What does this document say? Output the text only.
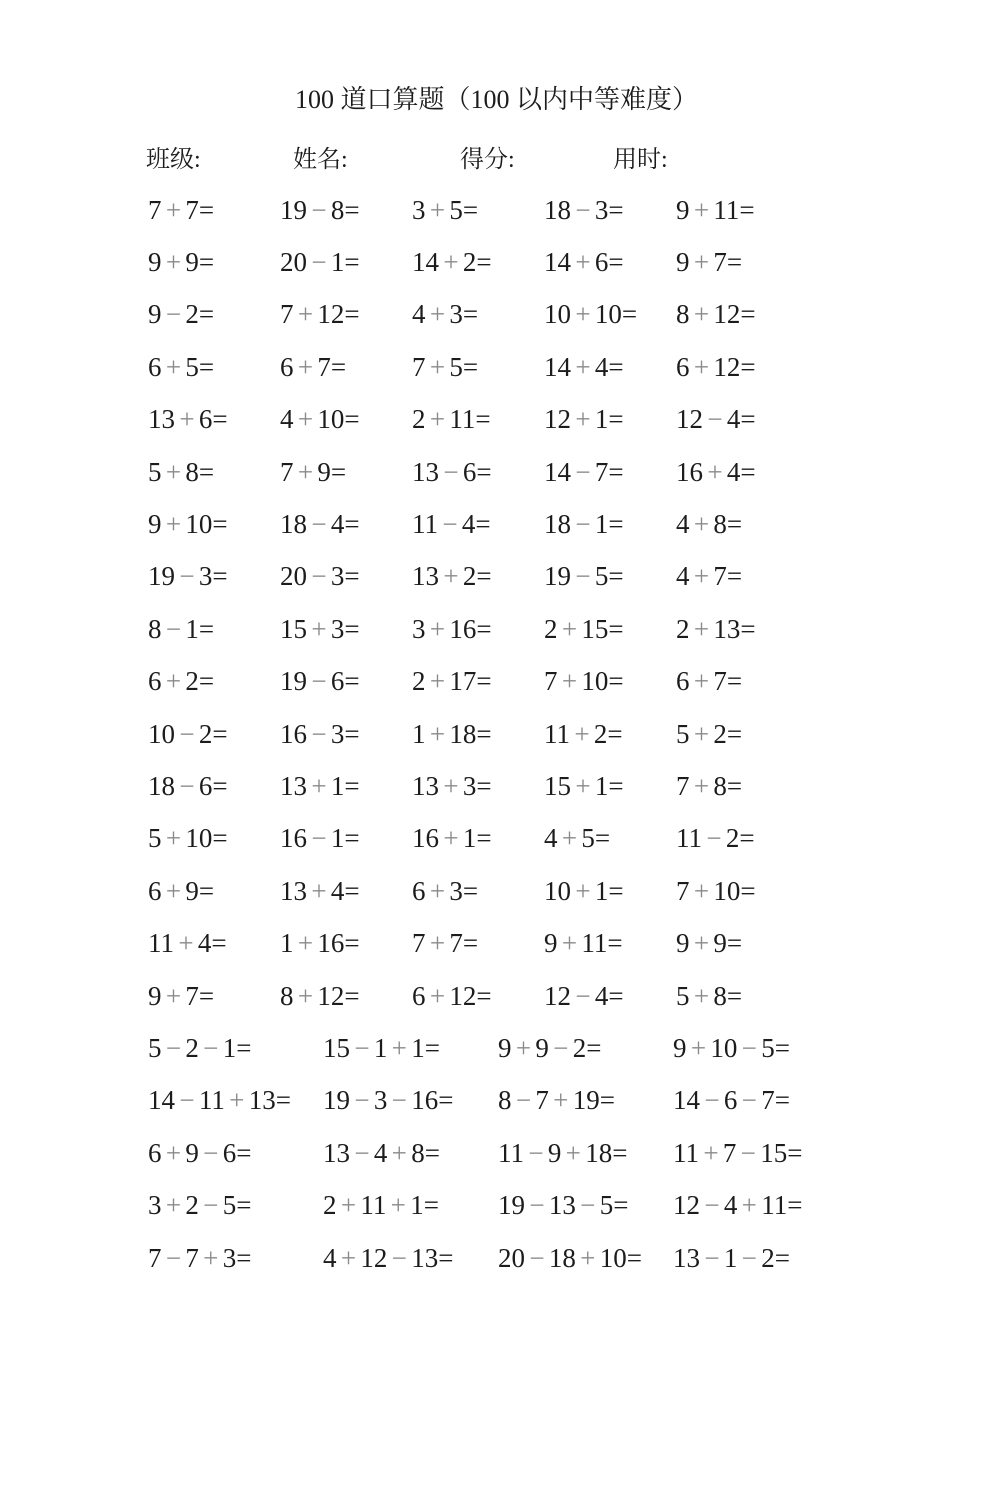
100 道口算题（100 以内中等难度）
班级:	姓名:	得分:	用时:
7 + 7=	19 − 8=	3 + 5=	18 − 3=	9 + 11=
9 + 9=	20 − 1=	14 + 2=	14 + 6=	9 + 7=
9 − 2=	7 + 12=	4 + 3=	10 + 10=	8 + 12=
6 + 5=	6 + 7=	7 + 5=	14 + 4=	6 + 12=
13 + 6=	4 + 10=	2 + 11=	12 + 1=	12 − 4=
5 + 8=	7 + 9=	13 − 6=	14 − 7=	16 + 4=
9 + 10=	18 − 4=	11 − 4=	18 − 1=	4 + 8=
19 − 3=	20 − 3=	13 + 2=	19 − 5=	4 + 7=
8 − 1=	15 + 3=	3 + 16=	2 + 15=	2 + 13=
6 + 2=	19 − 6=	2 + 17=	7 + 10=	6 + 7=
10 − 2=	16 − 3=	1 + 18=	11 + 2=	5 + 2=
18 − 6=	13 + 1=	13 + 3=	15 + 1=	7 + 8=
5 + 10=	16 − 1=	16 + 1=	4 + 5=	11 − 2=
6 + 9=	13 + 4=	6 + 3=	10 + 1=	7 + 10=
11 + 4=	1 + 16=	7 + 7=	9 + 11=	9 + 9=
9 + 7=	8 + 12=	6 + 12=	12 − 4=	5 + 8=
5 − 2 − 1=	15 − 1 + 1=	9 + 9 − 2=	9 + 10 − 5=
14 − 11 + 13=	19 − 3 − 16=	8 − 7 + 19=	14 − 6 − 7=
6 + 9 − 6=	13 − 4 + 8=	11 − 9 + 18=	11 + 7 − 15=
3 + 2 − 5=	2 + 11 + 1=	19 − 13 − 5=	12 − 4 + 11=
7 − 7 + 3=	4 + 12 − 13=	20 − 18 + 10=	13 − 1 − 2=
